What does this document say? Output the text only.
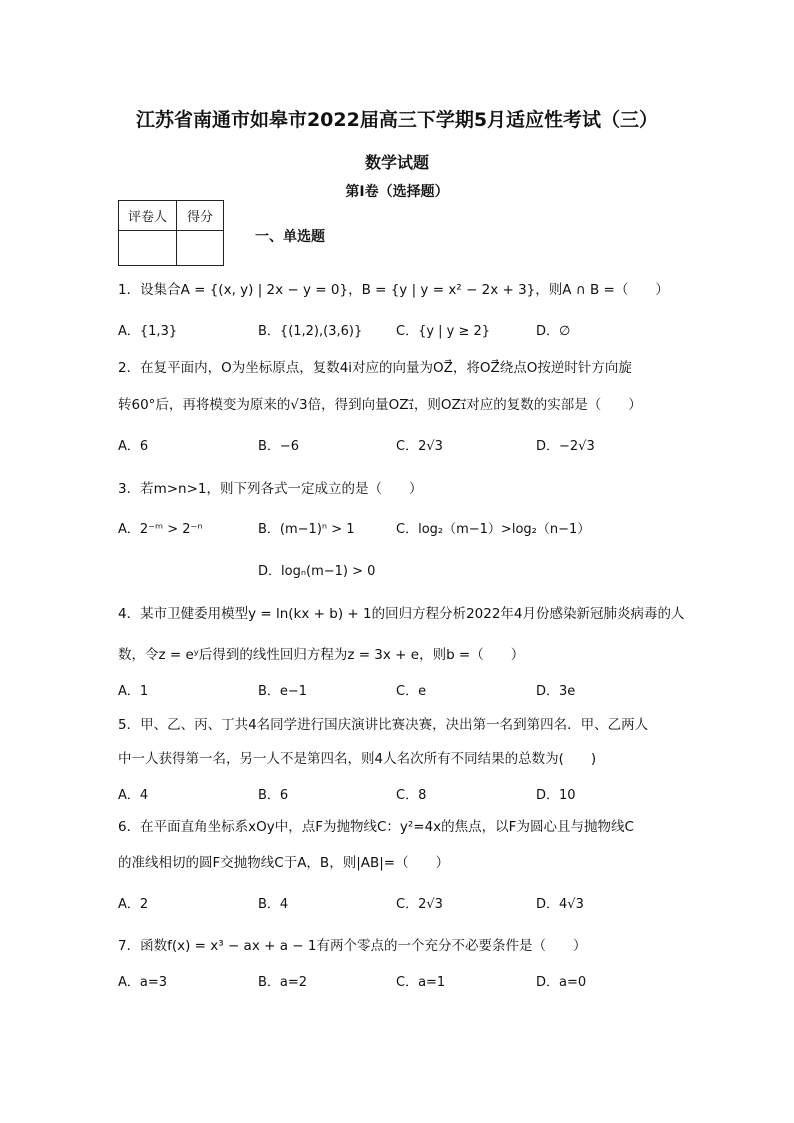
江苏省南通市如皋市2022届高三下学期5月适应性考试（三）
数学试题
第I卷（选择题）
评卷人	得分

一、单选题
1．设集合A = {(x, y) | 2x − y = 0}，B = {y | y = x² − 2x + 3}，则A ∩ B =（　　）
A．{1,3}	B．{(1,2),(3,6)}	C．{y | y ≥ 2}	D．∅
2．在复平面内，O为坐标原点，复数4i对应的向量为OZ⃗，将OZ⃗绕点O按逆时针方向旋
转60°后，再将模变为原来的√3倍，得到向量OZ₁⃗，则OZ₁⃗对应的复数的实部是（　　）
A．6	B．−6	C．2√3	D．−2√3
3．若m>n>1，则下列各式一定成立的是（　　）
A．2⁻ᵐ > 2⁻ⁿ	B．(m−1)ⁿ > 1	C．log₂（m−1）>log₂（n−1）
D．logₙ(m−1) > 0
4．某市卫健委用模型y = ln(kx + b) + 1的回归方程分析2022年4月份感染新冠肺炎病毒的人
数，令z = eʸ后得到的线性回归方程为z = 3x + e，则b =（　　）
A．1	B．e−1	C．e	D．3e
5．甲、乙、丙、丁共4名同学进行国庆演讲比赛决赛，决出第一名到第四名．甲、乙两人
中一人获得第一名，另一人不是第四名，则4人名次所有不同结果的总数为(　　)
A．4	B．6	C．8	D．10
6．在平面直角坐标系xOy中，点F为抛物线C：y²=4x的焦点，以F为圆心且与抛物线C
的准线相切的圆F交抛物线C于A，B，则|AB|=（　　）
A．2	B．4	C．2√3	D．4√3
7．函数f(x) = x³ − ax + a − 1有两个零点的一个充分不必要条件是（　　）
A．a=3	B．a=2	C．a=1	D．a=0
